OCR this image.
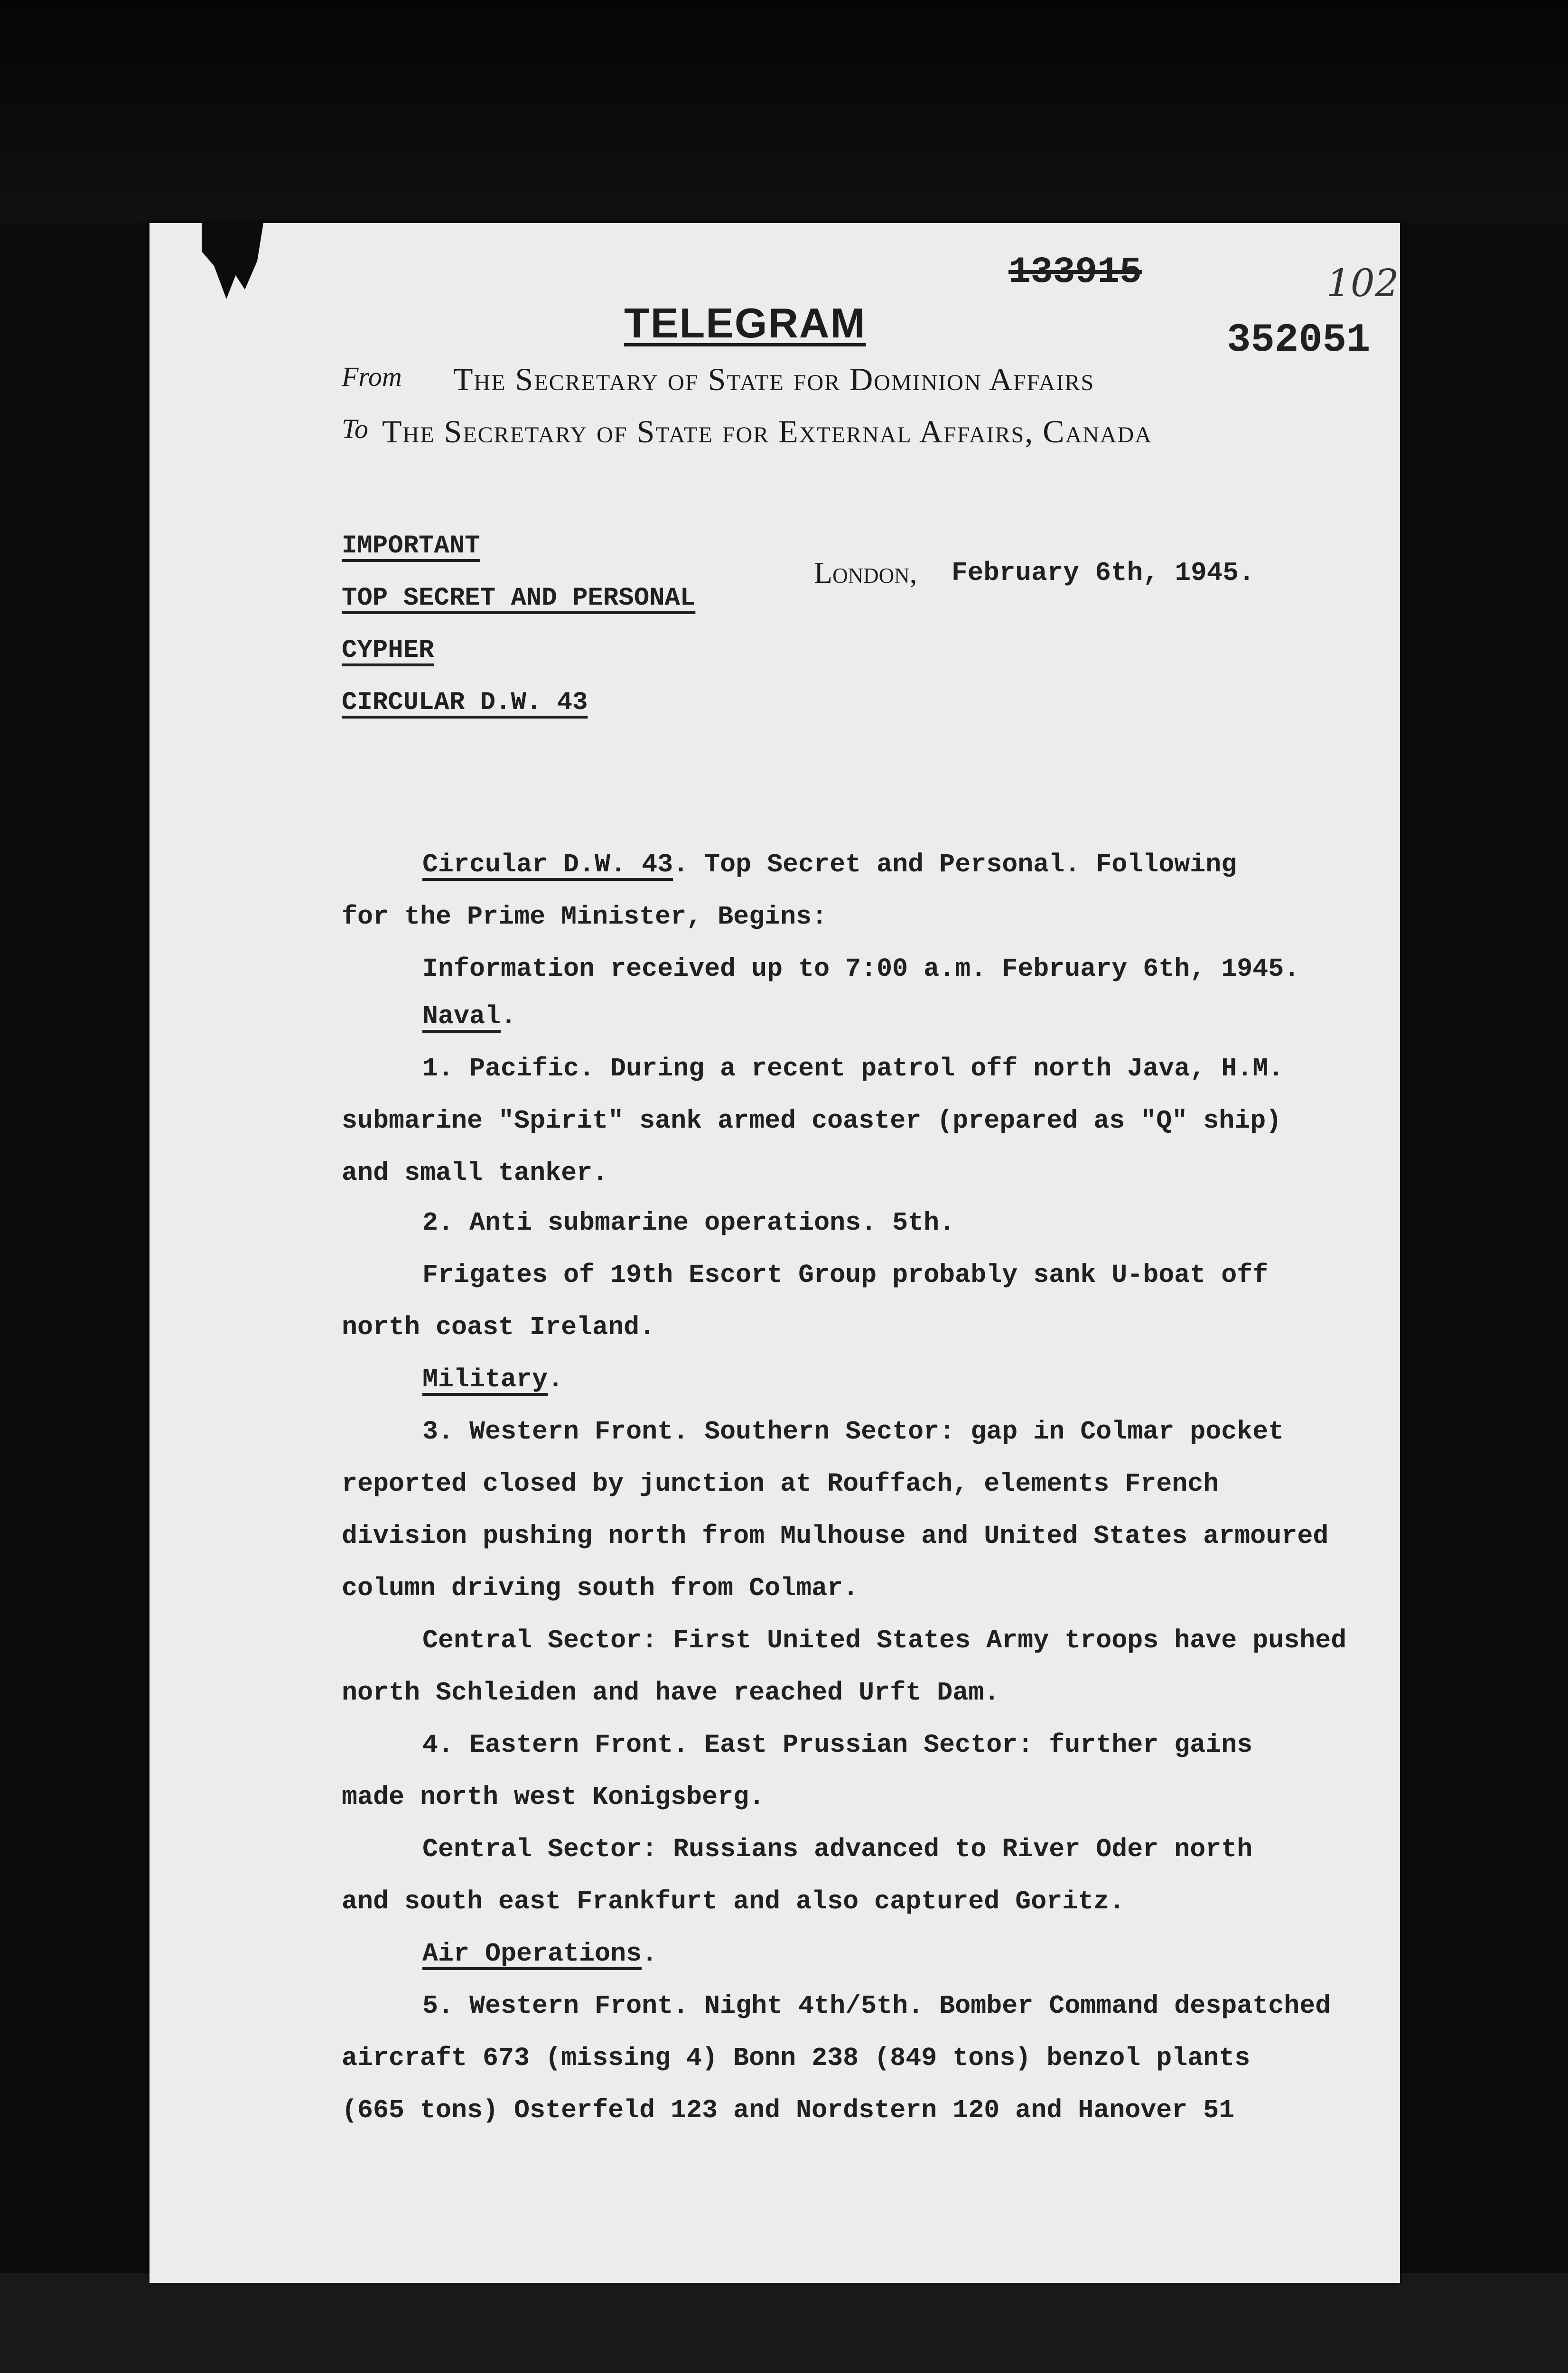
133915	102
TELEGRAM	352051
From The Secretary of State for Dominion Affairs
To The Secretary of State for External Affairs, Canada
IMPORTANT
TOP SECRET AND PERSONAL
CYPHER
CIRCULAR D.W. 43
London, February 6th, 1945.
Circular D.W. 43. Top Secret and Personal. Following
for the Prime Minister, Begins:
Information received up to 7:00 a.m. February 6th, 1945.
Naval.
1. Pacific. During a recent patrol off north Java, H.M.
submarine "Spirit" sank armed coaster (prepared as "Q" ship)
and small tanker.
2. Anti submarine operations. 5th.
Frigates of 19th Escort Group probably sank U-boat off
north coast Ireland.
Military.
3. Western Front. Southern Sector: gap in Colmar pocket
reported closed by junction at Rouffach, elements French
division pushing north from Mulhouse and United States armoured
column driving south from Colmar.
Central Sector: First United States Army troops have pushed
north Schleiden and have reached Urft Dam.
4. Eastern Front. East Prussian Sector: further gains
made north west Konigsberg.
Central Sector: Russians advanced to River Oder north
and south east Frankfurt and also captured Goritz.
Air Operations.
5. Western Front. Night 4th/5th. Bomber Command despatched
aircraft 673 (missing 4) Bonn 238 (849 tons) benzol plants
(665 tons) Osterfeld 123 and Nordstern 120 and Hanover 51
